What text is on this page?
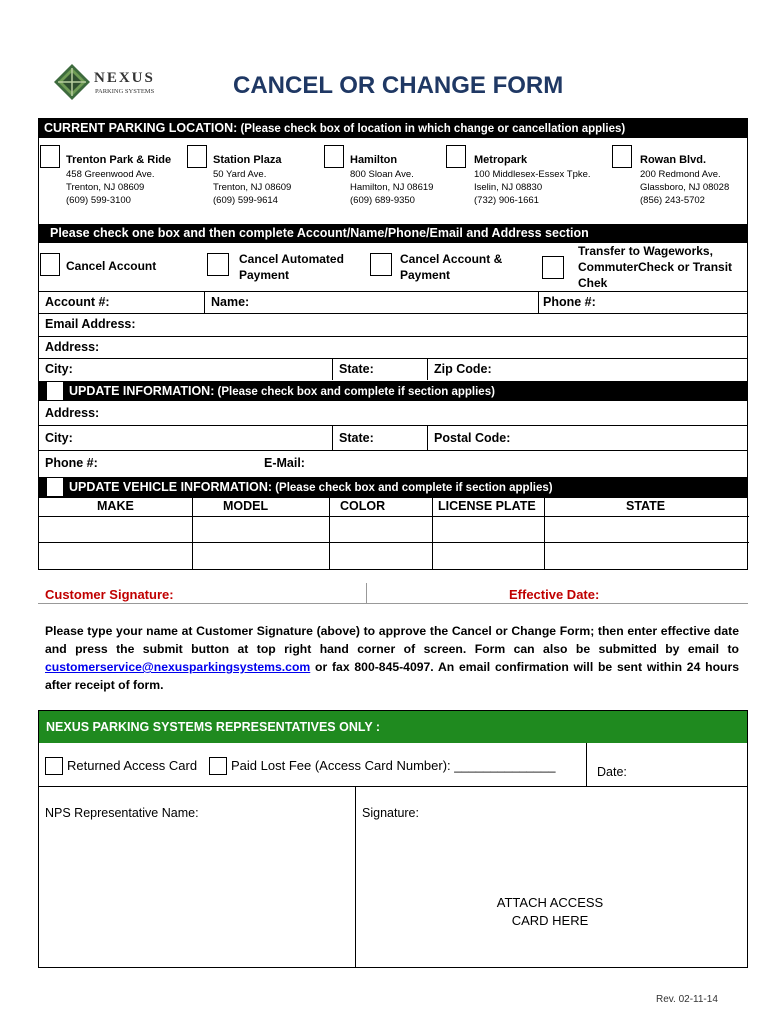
NEXUS
PARKING SYSTEMS	CANCEL OR CHANGE FORM
CURRENT PARKING LOCATION: (Please check box of location in which change or cancellation applies)
Trenton Park & Ride
458 Greenwood Ave.
Trenton, NJ 08609
(609) 599-3100
Station Plaza
50 Yard Ave.
Trenton, NJ 08609
(609) 599-9614
Hamilton
800 Sloan Ave.
Hamilton, NJ 08619
(609) 689-9350
Metropark
100 Middlesex-Essex Tpke.
Iselin, NJ 08830
(732) 906-1661
Rowan Blvd.
200 Redmond Ave.
Glassboro, NJ 08028
(856) 243-5702
Please check one box and then complete Account/Name/Phone/Email and Address section
Cancel Account	Cancel Automated
Payment
Cancel Account &
Payment
Transfer to Wageworks,
CommuterCheck or Transit
Chek
Account #:	Name:	Phone #:
Email Address:
Address:
City:	State:	Zip Code:
UPDATE INFORMATION: (Please check box and complete if section applies)
Address:
City:	State:	Postal Code:
Phone #:	E-Mail:
UPDATE VEHICLE INFORMATION: (Please check box and complete if section applies)
MAKE	MODEL	COLOR	LICENSE PLATE	STATE
Customer Signature:	Effective Date:
Please type your name at Customer Signature (above) to approve the Cancel or Change Form; then enter effective date and press the submit button at top right hand corner of screen. Form can also be submitted by email to customerservice@nexusparkingsystems.com or fax 800-845-4097. An email confirmation will be sent within 24 hours after receipt of form.
NEXUS PARKING SYSTEMS REPRESENTATIVES ONLY :
Returned Access Card	Paid Lost Fee (Access Card Number): ______________	Date:
NPS Representative Name:	Signature:
ATTACH ACCESS
CARD HERE
Rev. 02-11-14
